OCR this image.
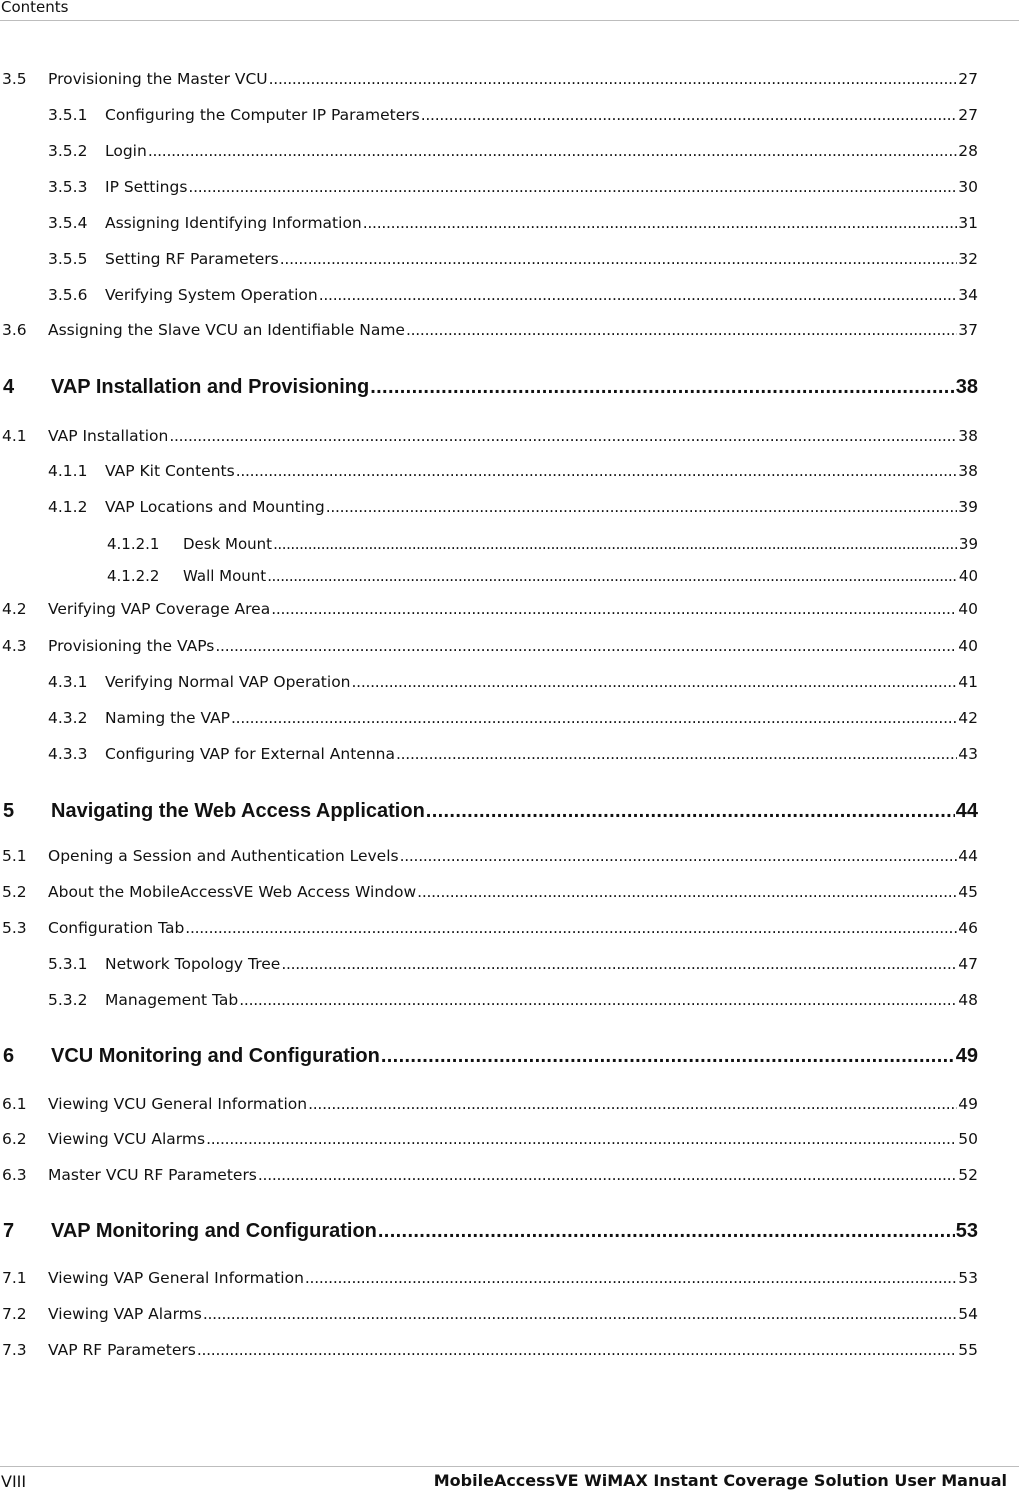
Contents
3.5	Provisioning the Master VCU . . .	27
3.5.1	Configuring the Computer IP Parameters . . .	27
3.5.2	Login . . .	28
3.5.3	IP Settings . . .	30
3.5.4	Assigning Identifying Information . . .	31
3.5.5	Setting RF Parameters . . .	32
3.5.6	Verifying System Operation . . .	34
3.6	Assigning the Slave VCU an Identifiable Name . . .	37
4	VAP Installation and Provisioning . . .	38
4.1	VAP Installation . . .	38
4.1.1	VAP Kit Contents . . .	38
4.1.2	VAP Locations and Mounting . . .	39
4.1.2.1	Desk Mount . . .	39
4.1.2.2	Wall Mount . . .	40
4.2	Verifying VAP Coverage Area . . .	40
4.3	Provisioning the VAPs . . .	40
4.3.1	Verifying Normal VAP Operation . . .	41
4.3.2	Naming the VAP . . .	42
4.3.3	Configuring VAP for External Antenna . . .	43
5	Navigating the Web Access Application . . .	44
5.1	Opening a Session and Authentication Levels . . .	44
5.2	About the MobileAccessVE Web Access Window . . .	45
5.3	Configuration Tab . . .	46
5.3.1	Network Topology Tree . . .	47
5.3.2	Management Tab . . .	48
6	VCU Monitoring and Configuration . . .	49
6.1	Viewing VCU General Information . . .	49
6.2	Viewing VCU Alarms . . .	50
6.3	Master VCU RF Parameters . . .	52
7	VAP Monitoring and Configuration . . .	53
7.1	Viewing VAP General Information . . .	53
7.2	Viewing VAP Alarms . . .	54
7.3	VAP RF Parameters . . .	55
VIII	MobileAccessVE WiMAX Instant Coverage Solution User Manual
